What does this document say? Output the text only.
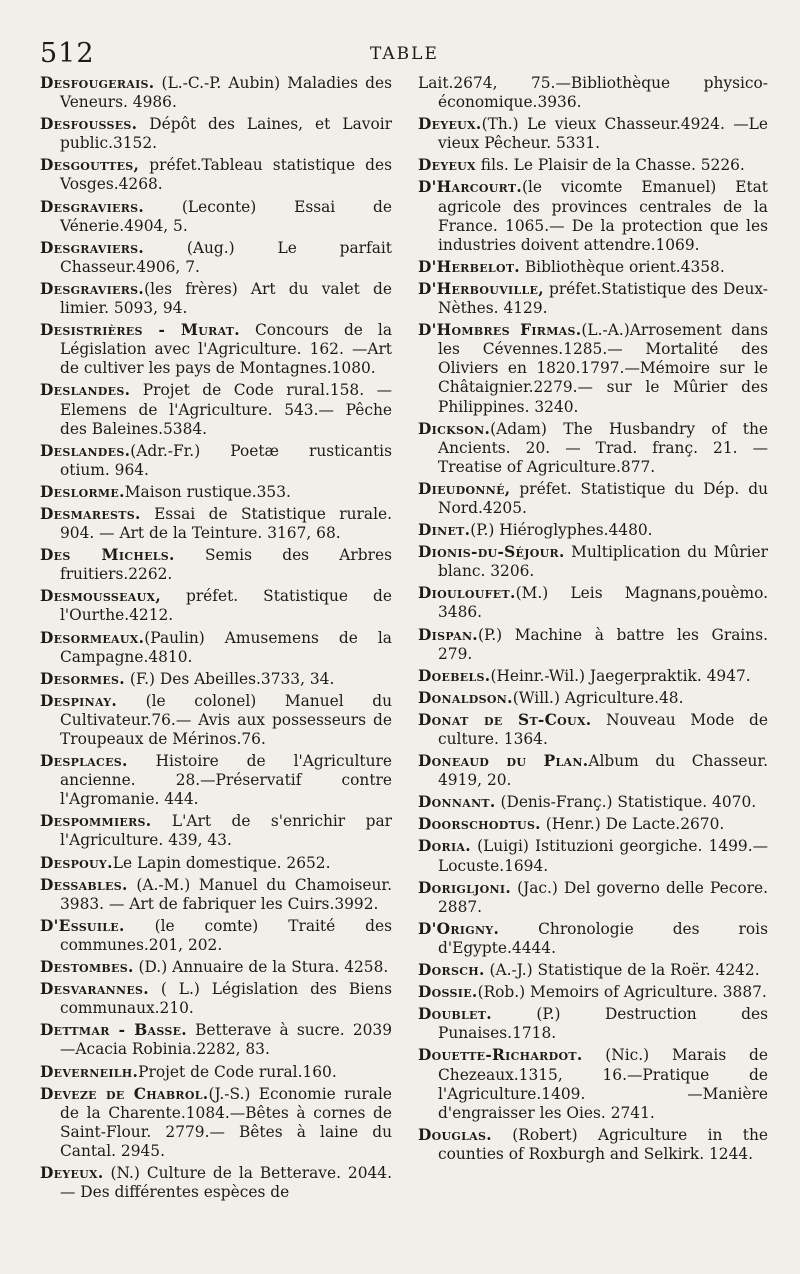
512	TABLE

Desfougerais. (L.-C.-P. Aubin) Maladies des Veneurs. 4986.

Desfousses. Dépôt des Laines, et Lavoir public.3152.

Desgouttes, préfet.Tableau statistique des Vosges.4268.

Desgraviers. (Leconte) Essai de Vénerie.4904, 5.

Desgraviers. (Aug.) Le parfait Chasseur.4906, 7.

Desgraviers.(les frères) Art du valet de limier. 5093, 94.

Desistrières - Murat. Concours de la Législation avec l'Agriculture. 162. —Art de cultiver les pays de Montagnes.1080.

Deslandes. Projet de Code rural.158. —Elemens de l'Agriculture. 543.— Pêche des Baleines.5384.

Deslandes.(Adr.-Fr.) Poetæ rusticantis otium. 964.

Deslorme.Maison rustique.353.

Desmarests. Essai de Statistique rurale. 904. — Art de la Teinture. 3167, 68.

Des Michels. Semis des Arbres fruitiers.2262.

Desmousseaux, préfet. Statistique de l'Ourthe.4212.

Desormeaux.(Paulin) Amusemens de la Campagne.4810.

Desormes. (F.) Des Abeilles.3733, 34.

Despinay. (le colonel) Manuel du Cultivateur.76.— Avis aux possesseurs de Troupeaux de Mérinos.76.

Desplaces. Histoire de l'Agriculture ancienne. 28.—Préservatif contre l'Agromanie. 444.

Despommiers. L'Art de s'enrichir par l'Agriculture. 439, 43.

Despouy.Le Lapin domestique. 2652.

Dessables. (A.-M.) Manuel du Chamoiseur. 3983. — Art de fabriquer les Cuirs.3992.

D'Essuile. (le comte) Traité des communes.201, 202.

Destombes. (D.) Annuaire de la Stura. 4258.

Desvarannes. ( L.) Législation des Biens communaux.210.

Dettmar - Basse. Betterave à sucre. 2039 —Acacia Robinia.2282, 83.

Deverneilh.Projet de Code rural.160.

Deveze de Chabrol.(J.-S.) Economie rurale de la Charente.1084.—Bêtes à cornes de Saint-Flour. 2779.— Bêtes à laine du Cantal. 2945.

Deyeux. (N.) Culture de la Betterave. 2044. — Des différentes espèces de

Lait.2674, 75.—Bibliothèque physico-économique.3936.

Deyeux.(Th.) Le vieux Chasseur.4924. —Le vieux Pêcheur. 5331.

Deyeux fils. Le Plaisir de la Chasse. 5226.

D'Harcourt.(le vicomte Emanuel) Etat agricole des provinces centrales de la France. 1065.— De la protection que les industries doivent attendre.1069.

D'Herbelot. Bibliothèque orient.4358.

D'Herbouville, préfet.Statistique des Deux-Nèthes. 4129.

D'Hombres Firmas.(L.-A.)Arrosement dans les Cévennes.1285.— Mortalité des Oliviers en 1820.1797.—Mémoire sur le Châtaignier.2279.— sur le Mûrier des Philippines. 3240.

Dickson.(Adam) The Husbandry of the Ancients. 20. — Trad. franç. 21. — Treatise of Agriculture.877.

Dieudonné, préfet. Statistique du Dép. du Nord.4205.

Dinet.(P.) Hiéroglyphes.4480.

Dionis-du-Séjour. Multiplication du Mûrier blanc. 3206.

Diouloufet.(M.) Leis Magnans,pouèmo. 3486.

Dispan.(P.) Machine à battre les Grains. 279.

Doebels.(Heinr.-Wil.) Jaegerpraktik. 4947.

Donaldson.(Will.) Agriculture.48.

Donat de St-Coux. Nouveau Mode de culture. 1364.

Doneaud du Plan.Album du Chasseur. 4919, 20.

Donnant. (Denis-Franç.) Statistique. 4070.

Doorschodtus. (Henr.) De Lacte.2670.

Doria. (Luigi) Istituzioni georgiche. 1499.—Locuste.1694.

Dorigljoni. (Jac.) Del governo delle Pecore. 2887.

D'Origny. Chronologie des rois d'Egypte.4444.

Dorsch. (A.-J.) Statistique de la Roër. 4242.

Dossie.(Rob.) Memoirs of Agriculture. 3887.

Doublet. (P.) Destruction des Punaises.1718.

Douette-Richardot. (Nic.) Marais de Chezeaux.1315, 16.—Pratique de l'Agriculture.1409. —Manière d'engraisser les Oies. 2741.

Douglas. (Robert) Agriculture in the counties of Roxburgh and Selkirk. 1244.
